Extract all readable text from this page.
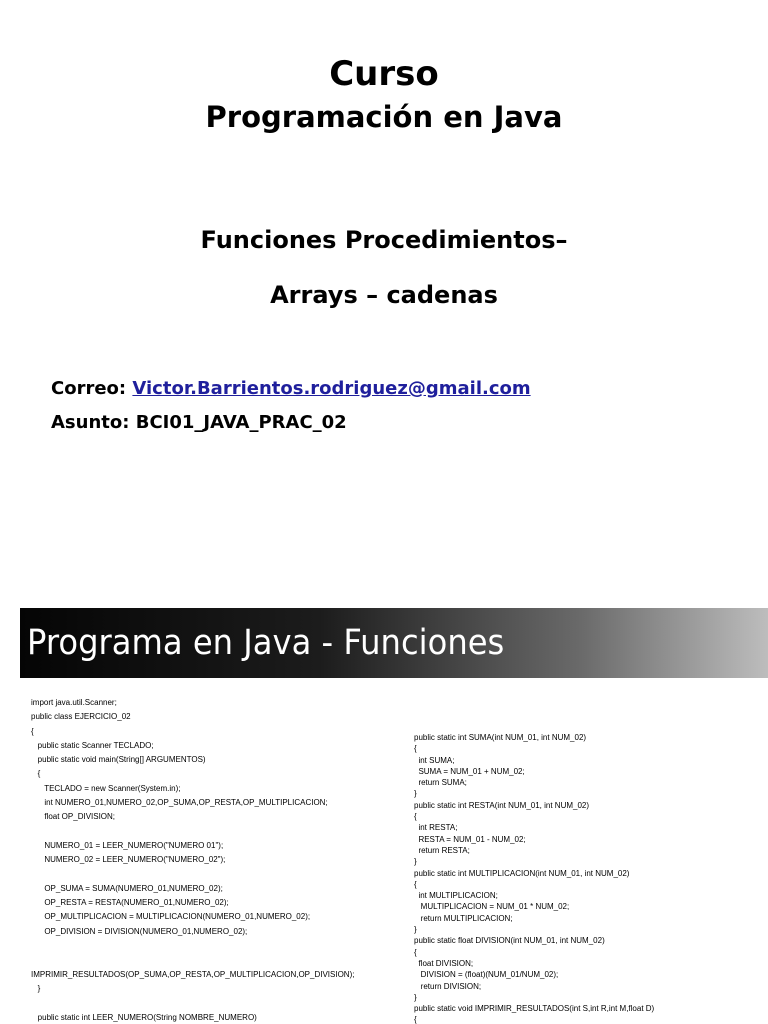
Curso
Programación en Java
Funciones Procedimientos–
Arrays – cadenas
Correo: Victor.Barrientos.rodriguez@gmail.com
Asunto: BCI01_JAVA_PRAC_02
Programa en Java - Funciones
import java.util.Scanner;
public class EJERCICIO_02
{
public static Scanner TECLADO;
public static void main(String[] ARGUMENTOS)
{
TECLADO = new Scanner(System.in);
int NUMERO_01,NUMERO_02,OP_SUMA,OP_RESTA,OP_MULTIPLICACION;
float OP_DIVISION;

NUMERO_01 = LEER_NUMERO("NUMERO 01");
NUMERO_02 = LEER_NUMERO("NUMERO_02");

OP_SUMA = SUMA(NUMERO_01,NUMERO_02);
OP_RESTA = RESTA(NUMERO_01,NUMERO_02);
OP_MULTIPLICACION = MULTIPLICACION(NUMERO_01,NUMERO_02);
OP_DIVISION = DIVISION(NUMERO_01,NUMERO_02);

IMPRIMIR_RESULTADOS(OP_SUMA,OP_RESTA,OP_MULTIPLICACION,OP_DIVISION);
}

public static int LEER_NUMERO(String NOMBRE_NUMERO)
public static int SUMA(int NUM_01, int NUM_02)
{
int SUMA;
SUMA = NUM_01 + NUM_02;
return SUMA;
}
public static int RESTA(int NUM_01, int NUM_02)
{
int RESTA;
RESTA = NUM_01 - NUM_02;
return RESTA;
}
public static int MULTIPLICACION(int NUM_01, int NUM_02)
{
int MULTIPLICACION;
MULTIPLICACION = NUM_01 * NUM_02;
return MULTIPLICACION;
}
public static float DIVISION(int NUM_01, int NUM_02)
{
float DIVISION;
DIVISION = (float)(NUM_01/NUM_02);
return DIVISION;
}
public static void IMPRIMIR_RESULTADOS(int S,int R,int M,float D)
{
